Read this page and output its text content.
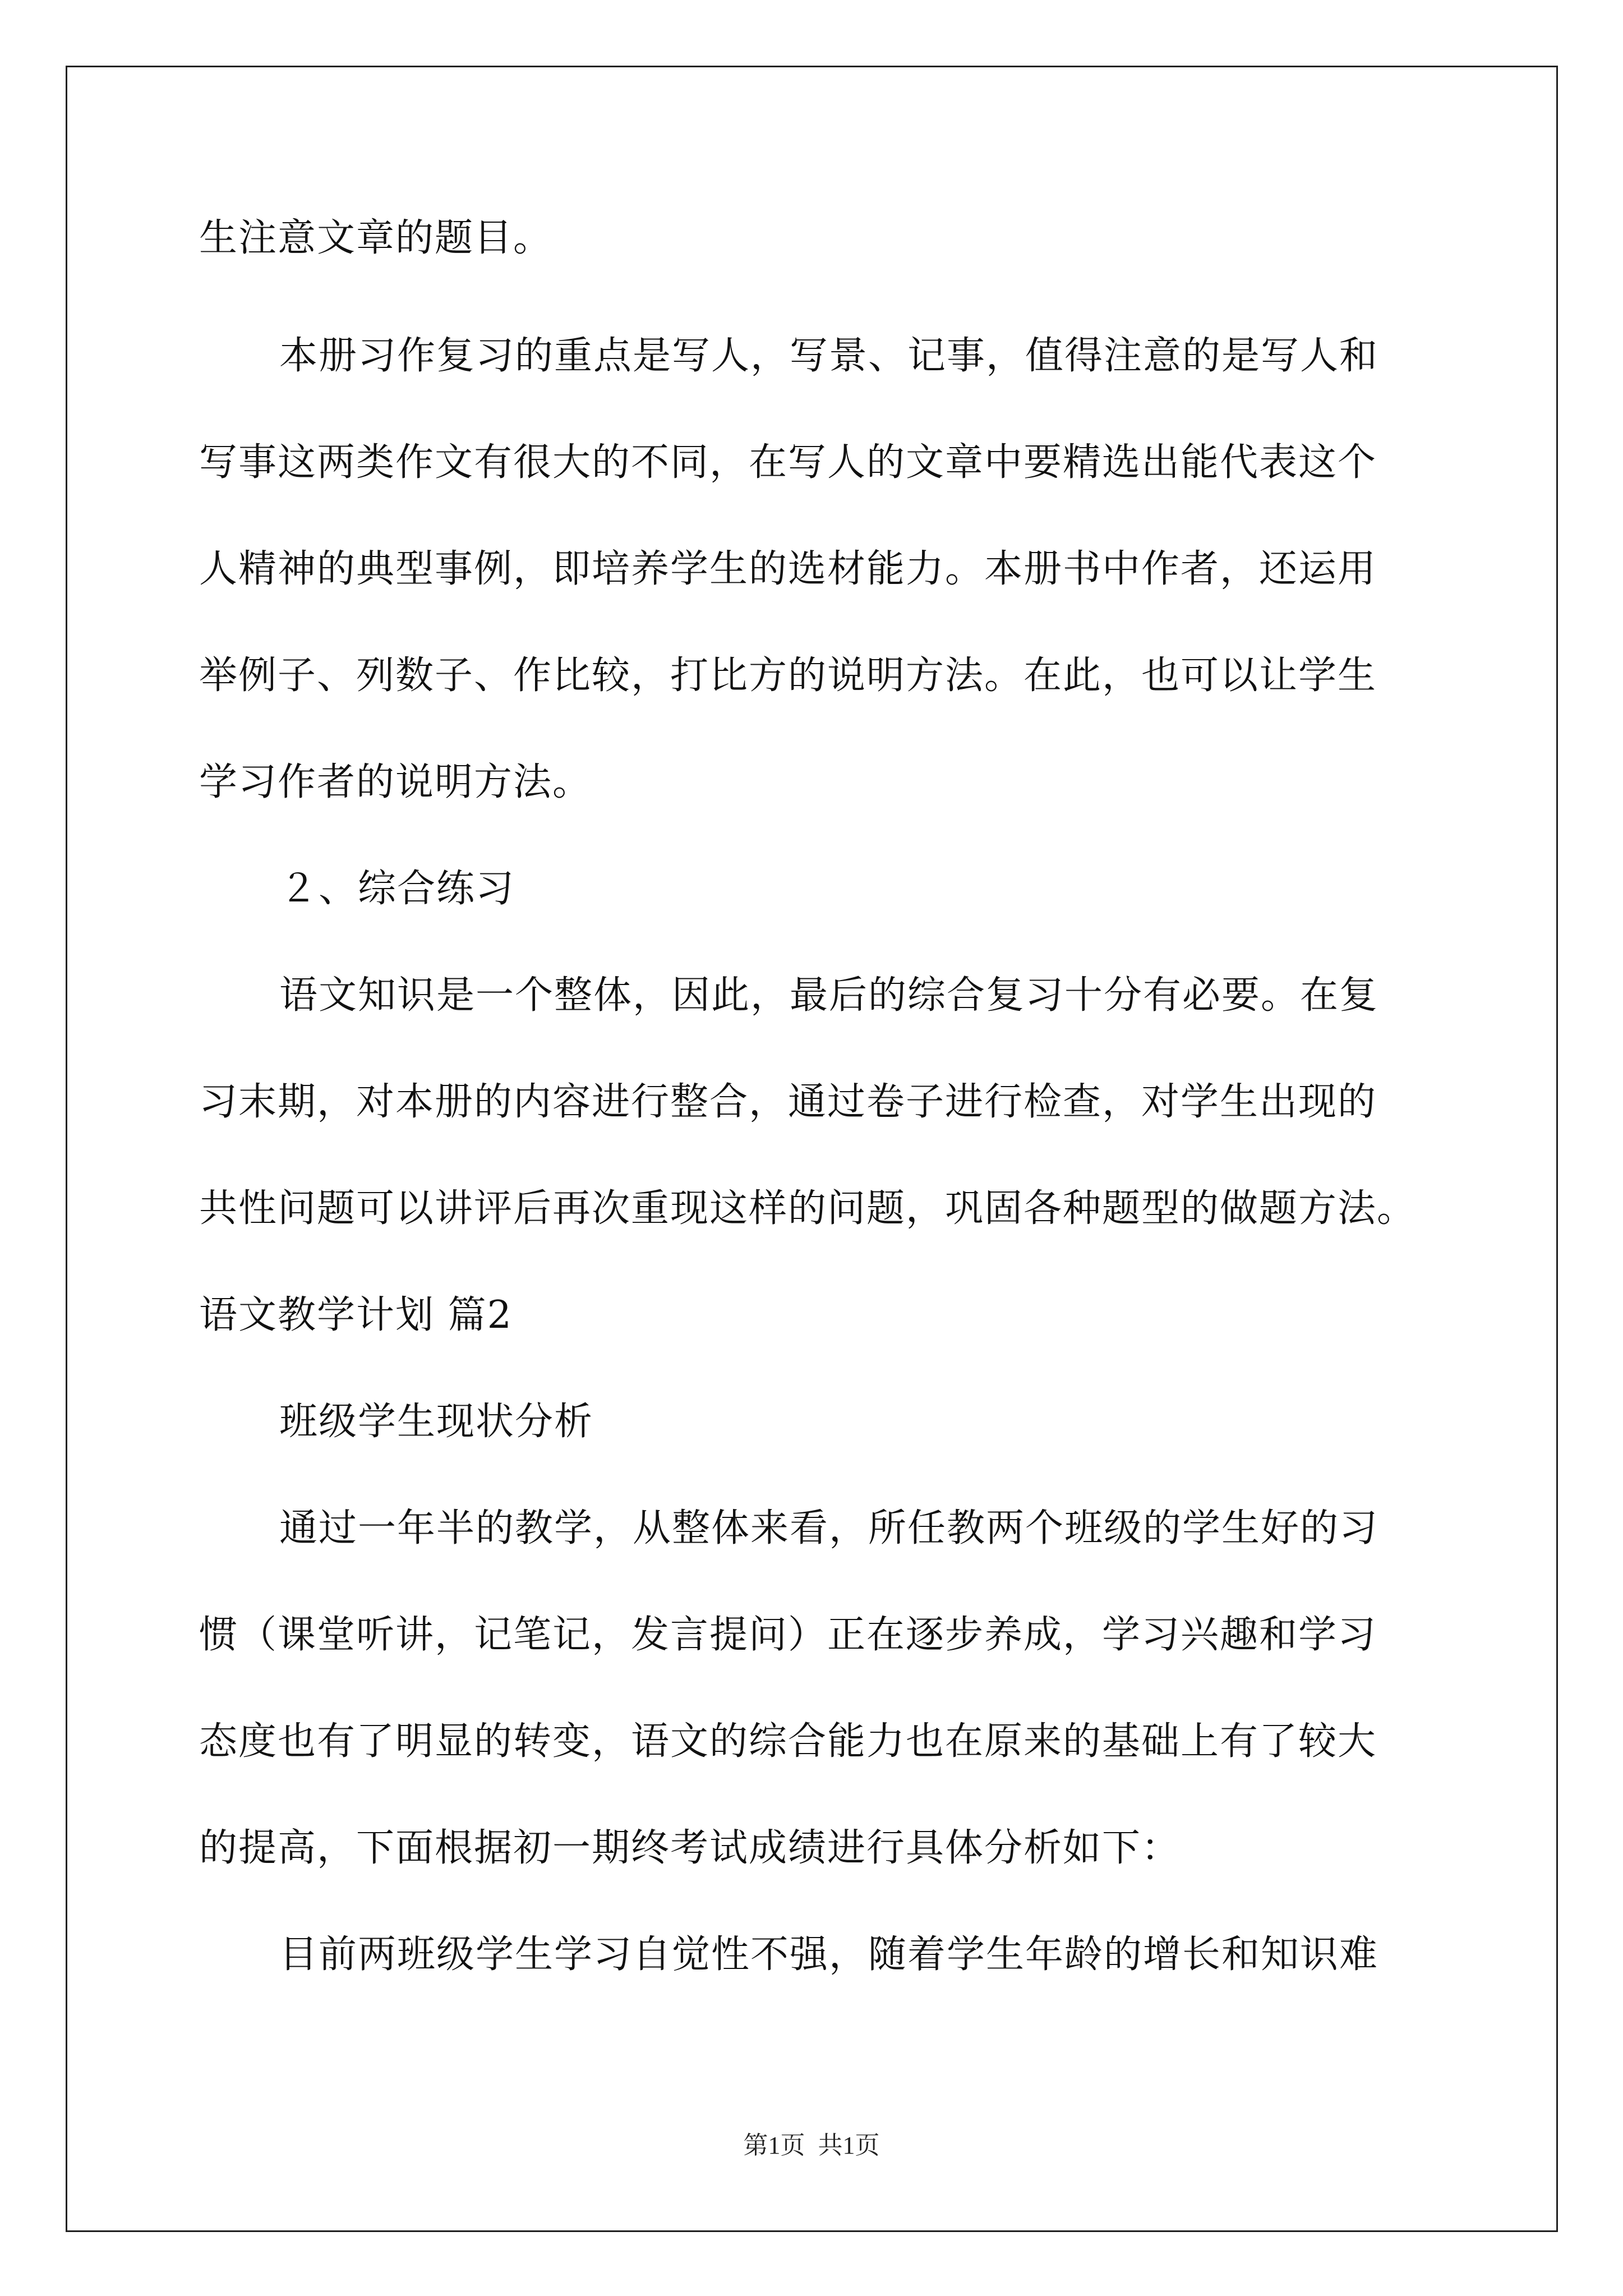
生注意文章的题目。
本册习作复习的重点是写人，写景、记事，值得注意的是写人和
写事这两类作文有很大的不同，在写人的文章中要精选出能代表这个
人精神的典型事例，即培养学生的选材能力。本册书中作者，还运用
举例子、列数子、作比较，打比方的说明方法。在此，也可以让学生
学习作者的说明方法。
２、综合练习
语文知识是一个整体，因此，最后的综合复习十分有必要。在复
习末期，对本册的内容进行整合，通过卷子进行检查，对学生出现的
共性问题可以讲评后再次重现这样的问题，巩固各种题型的做题方法。
语文教学计划 篇2
班级学生现状分析
通过一年半的教学，从整体来看，所任教两个班级的学生好的习
惯（课堂听讲，记笔记，发言提问）正在逐步养成，学习兴趣和学习
态度也有了明显的转变，语文的综合能力也在原来的基础上有了较大
的提高，下面根据初一期终考试成绩进行具体分析如下：
目前两班级学生学习自觉性不强，随着学生年龄的增长和知识难
第1页 共1页
